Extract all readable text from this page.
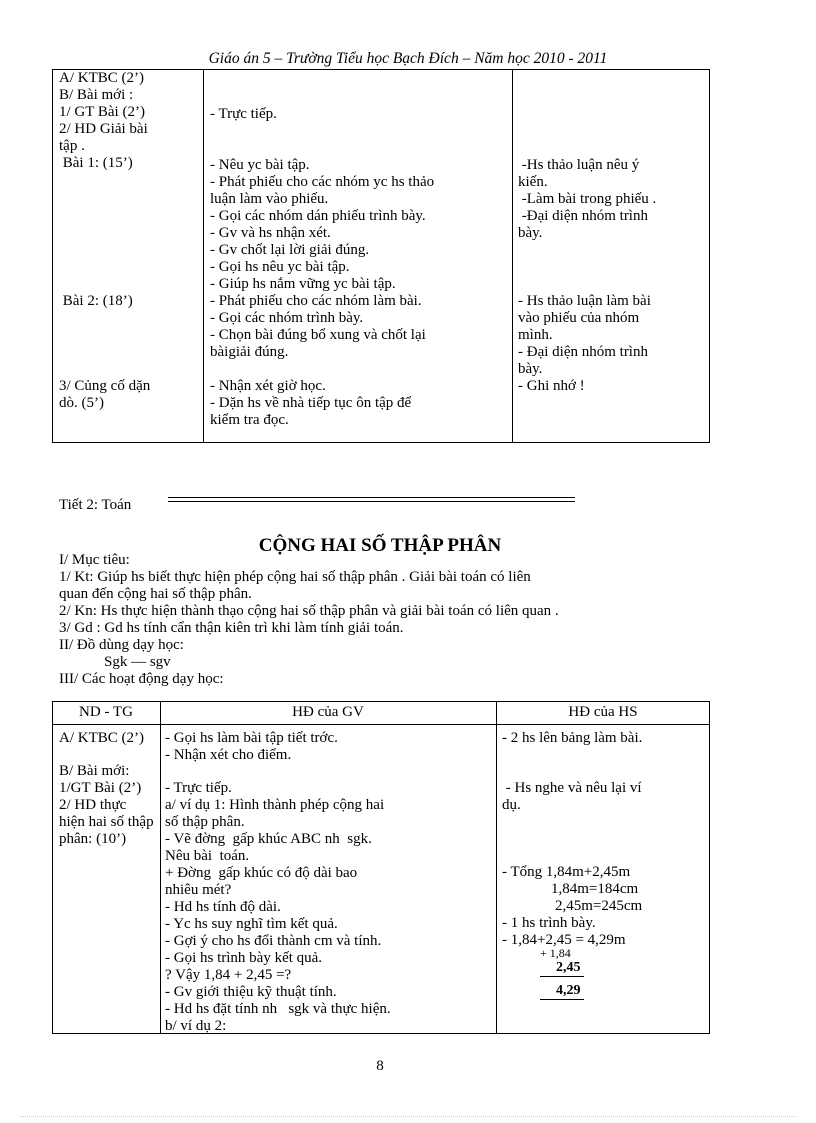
Giáo án 5 – Trường Tiểu học Bạch Đích – Năm học 2010 - 2011
A/ KTBC (2’)
B/ Bài mới :
1/ GT Bài (2’)
2/ HD Giải bài
tập .
Bài 1: (15’)
Bài 2: (18’)
3/ Củng cố dặn
dò. (5’)
- Trực tiếp.
- Nêu yc bài tập.
- Phát phiếu cho các nhóm yc hs thảo
luận làm vào phiếu.
- Gọi các nhóm dán phiếu trình bày.
- Gv và hs nhận xét.
- Gv chốt lại lời giải đúng.
- Gọi hs nêu yc bài tập.
- Giúp hs nắm vững yc bài tập.
- Phát phiếu cho các nhóm làm bài.
- Gọi các nhóm trình bày.
- Chọn bài đúng bổ xung và chốt lại
bàigiải đúng.
- Nhận xét giờ học.
- Dặn hs về nhà tiếp tục ôn tập để
kiểm tra đọc.
-Hs thảo luận nêu ý
kiến.
-Làm bài trong phiếu .
-Đại diện nhóm trình
bày.
- Hs thảo luận làm bài
vào phiếu của nhóm
mình.
- Đại diện nhóm trình
bày.
- Ghi nhớ !
Tiết 2: Toán
CỘNG HAI SỐ THẬP PHÂN
I/ Mục tiêu:
1/ Kt: Giúp hs biết thực hiện phép cộng hai số thập phân . Giải bài toán có liên
quan đến cộng hai số thập phân.
2/ Kn: Hs thực hiện thành thạo cộng hai số thập phân và giải bài toán có liên quan .
3/ Gd : Gd hs tính cẩn thận kiên trì khi làm tính giải toán.
II/ Đồ dùng dạy học:
Sgk — sgv
III/ Các hoạt động dạy học:
ND - TG	HĐ của GV	HĐ của HS
A/ KTBC (2’)
B/ Bài mới:
1/GT Bài (2’)
2/ HD thực
hiện hai số thập
phân: (10’)
- Gọi hs làm bài tập tiết trớc.
- Nhận xét cho điểm.
- Trực tiếp.
a/ ví dụ 1: Hình thành phép cộng hai
số thập phân.
- Vẽ đờng  gấp khúc ABC nh  sgk.
Nêu bài  toán.
+ Đờng  gấp khúc có độ dài bao
nhiêu mét?
- Hd hs tính độ dài.
- Yc hs suy nghĩ tìm kết quả.
- Gợi ý cho hs đổi thành cm và tính.
- Gọi hs trình bày kết quả.
? Vậy 1,84 + 2,45 =?
- Gv giới thiệu kỹ thuật tính.
- Hd hs đặt tính nh   sgk và thực hiện.
b/ ví dụ 2:
- 2 hs lên bảng làm bài.
- Hs nghe và nêu lại ví
dụ.
- Tổng 1,84m+2,45m
1,84m=184cm
2,45m=245cm
- 1 hs trình bày.
- 1,84+2,45 = 4,29m
+ 1,84
2,45
4,29
8
